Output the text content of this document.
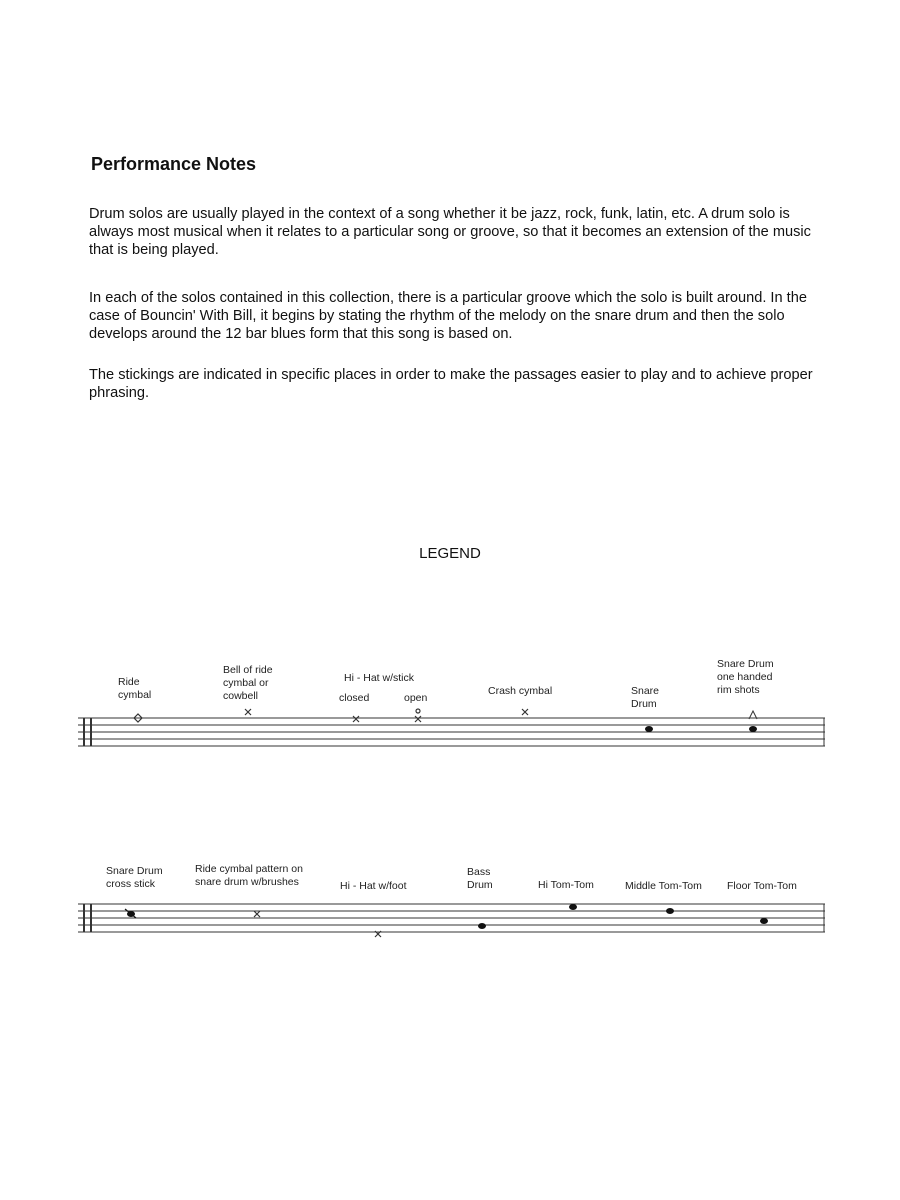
Performance Notes

Drum solos are usually played in the context of a song whether it be jazz, rock, funk, latin, etc. A drum solo is always most musical when it relates to a particular song or groove, so that it becomes an extension of the music that is being played.

In each of the solos contained in this collection, there is a particular groove which the solo is built around. In the case of Bouncin' With Bill, it begins by stating the rhythm of the melody on the snare drum and then the solo develops around the 12 bar blues form that this song is based on.

The stickings are indicated in specific places in order to make the passages easier to play and to achieve proper phrasing.

LEGEND
Ride
cymbal
Bell of ride
cymbal or
cowbell
Hi - Hat w/stick
closed	open
Crash cymbal	Snare
Drum
Snare Drum
one handed
rim shots
Snare Drum
cross stick
Ride cymbal pattern on
snare drum w/brushes	Hi - Hat w/foot
Bass
Drum	Hi Tom-Tom	Middle Tom-Tom Floor Tom-Tom
